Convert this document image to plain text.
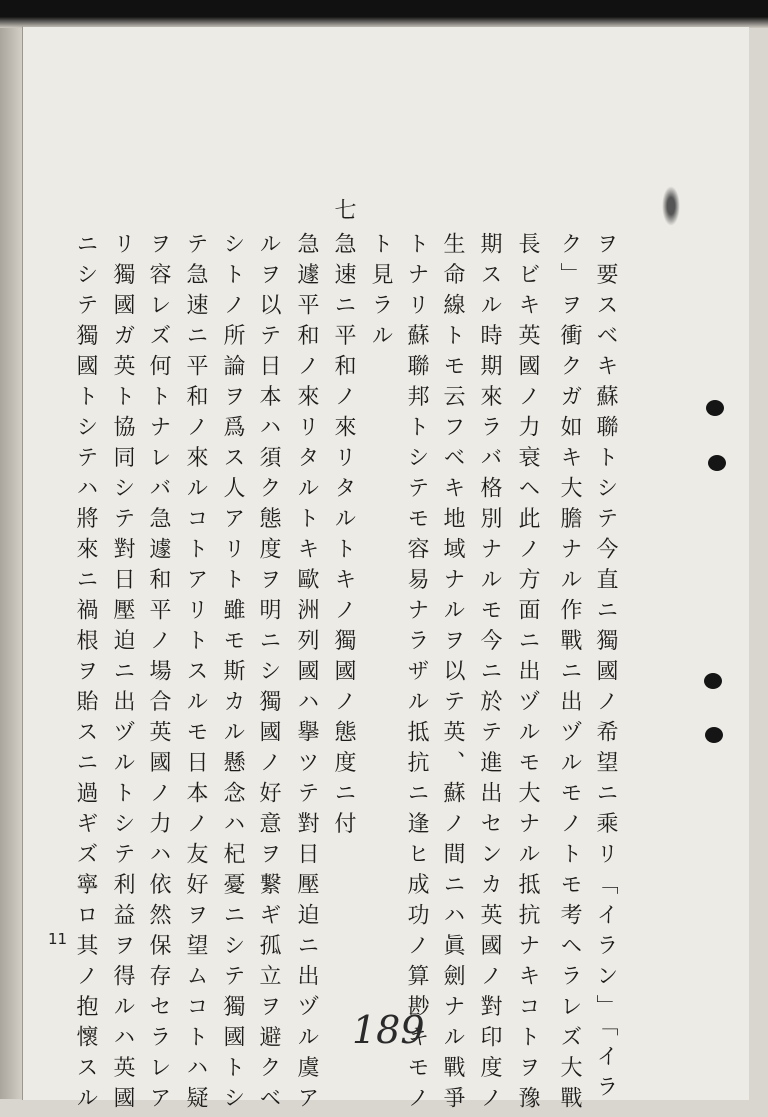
七
ヲ要スベキ蘇聯トシテ今直ニ獨國ノ希望ニ乘リ「イラン」「イラ
ク」ヲ衝クガ如キ大膽ナル作戰ニ出ヅルモノトモ考ヘラレズ大戰
長ビキ英國ノ力衰ヘ此ノ方面ニ出ヅルモ大ナル抵抗ナキコトヲ豫
期スル時期來ラバ格別ナルモ今ニ於テ進出センカ英國ノ對印度ノ
生命線トモ云フベキ地域ナルヲ以テ英、蘇ノ間ニハ眞劍ナル戰爭
トナリ蘇聯邦トシテモ容易ナラザル抵抗ニ逢ヒ成功ノ算尠キモノ
ト見ラル
急速ニ平和ノ來リタルトキノ獨國ノ態度ニ付
急遽平和ノ來リタルトキ歐洲列國ハ擧ツテ對日壓迫ニ出ヅル虞ア
ルヲ以テ日本ハ須ク態度ヲ明ニシ獨國ノ好意ヲ繋ギ孤立ヲ避クベ
シトノ所論ヲ爲ス人アリト雖モ斯カル懸念ハ杞憂ニシテ獨國トシ
テ急速ニ平和ノ來ルコトアリトスルモ日本ノ友好ヲ望ムコトハ疑
ヲ容レズ何トナレバ急遽和平ノ場合英國ノ力ハ依然保存セラレア
リ獨國ガ英ト協同シテ對日壓迫ニ出ヅルトシテ利益ヲ得ルハ英國
ニシテ獨國トシテハ將來ニ禍根ヲ貽スニ過ギズ寧ロ其ノ抱懷スル
11
189
